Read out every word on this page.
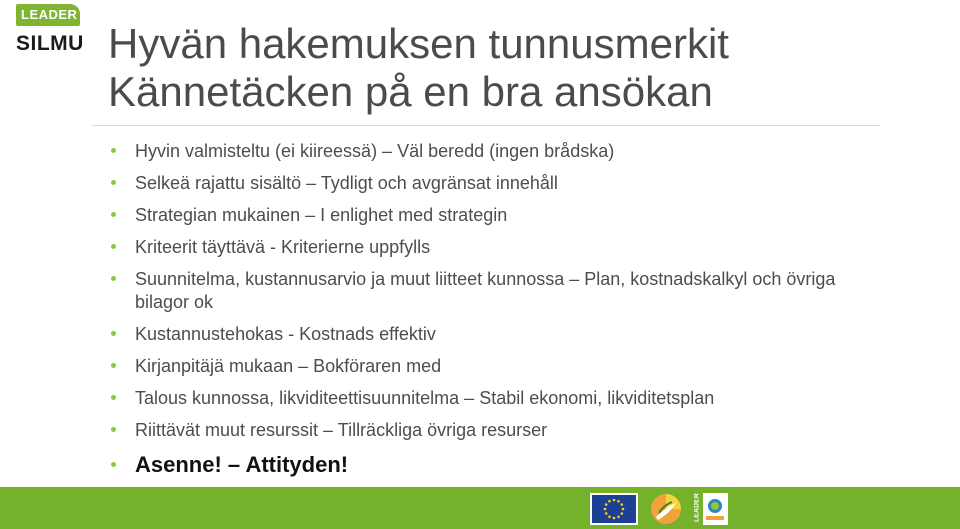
LEADER
SILMU Hyvän hakemuksen tunnusmerkit
Kännetäcken på en bra ansökan
Hyvin valmisteltu (ei kiireessä) – Väl beredd (ingen brådska)
Selkeä rajattu sisältö – Tydligt och avgränsat innehåll
Strategian mukainen – I enlighet med strategin
Kriteerit täyttävä - Kriterierne uppfylls
Suunnitelma, kustannusarvio ja muut liitteet kunnossa – Plan, kostnadskalkyl och övriga bilagor ok
Kustannustehokas - Kostnads effektiv
Kirjanpitäjä mukaan – Bokföraren med
Talous kunnossa, likviditeettisuunnitelma – Stabil ekonomi, likviditetsplan
Riittävät muut resurssit – Tillräckliga övriga resurser
Asenne! – Attityden!
LEADER
